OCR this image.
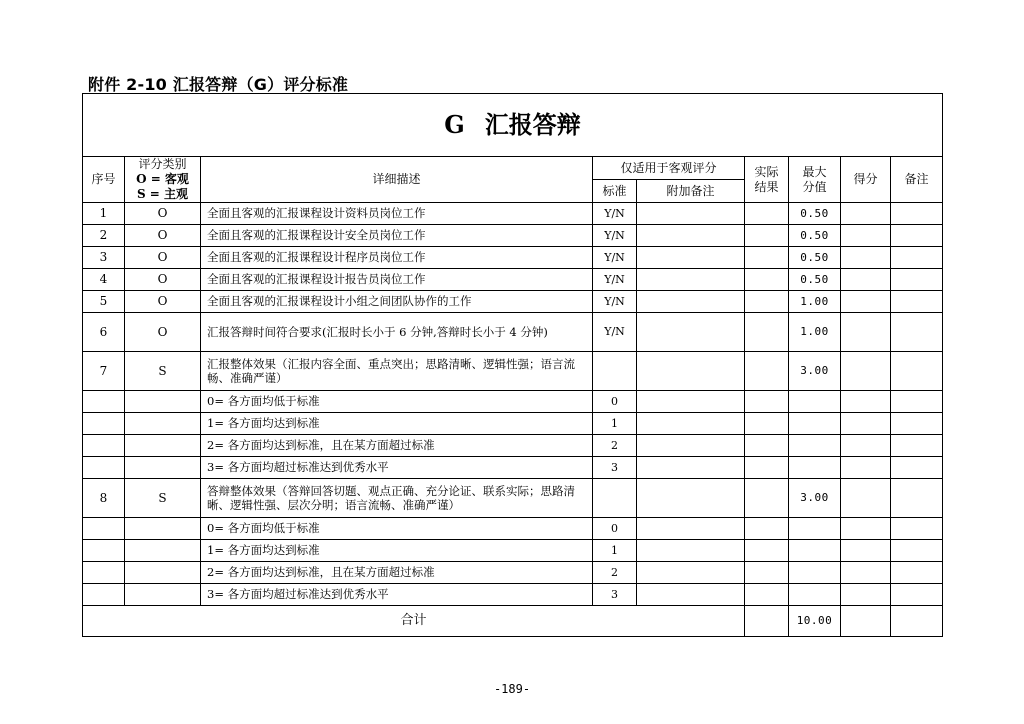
附件 2-10 汇报答辩（G）评分标准
G 汇报答辩								
序号	评分类别
O = 客观
S = 主观	详细描述	仅适用于客观评分		实际结果	最大分值	得分	备注
			标准	附加备注				
1	O	全面且客观的汇报课程设计资料员岗位工作	Y/N			0.50		
2	O	全面且客观的汇报课程设计安全员岗位工作	Y/N			0.50		
3	O	全面且客观的汇报课程设计程序员岗位工作	Y/N			0.50		
4	O	全面且客观的汇报课程设计报告员岗位工作	Y/N			0.50		
5	O	全面且客观的汇报课程设计小组之间团队协作的工作	Y/N			1.00		
6	O	汇报答辩时间符合要求(汇报时长小于 6 分钟,答辩时长小于 4 分钟)	Y/N			1.00		
7	S	汇报整体效果（汇报内容全面、重点突出；思路清晰、逻辑性强；语言流畅、准确严谨）				3.00		
		0= 各方面均低于标准	0					
		1= 各方面均达到标准	1					
		2= 各方面均达到标准，且在某方面超过标准	2					
		3= 各方面均超过标准达到优秀水平	3					
8	S	答辩整体效果（答辩回答切题、观点正确、充分论证、联系实际；思路清晰、逻辑性强、层次分明；语言流畅、准确严谨）				3.00		
		0= 各方面均低于标准	0					
		1= 各方面均达到标准	1					
		2= 各方面均达到标准，且在某方面超过标准	2					
		3= 各方面均超过标准达到优秀水平	3					
合计						10.00		
-189-
